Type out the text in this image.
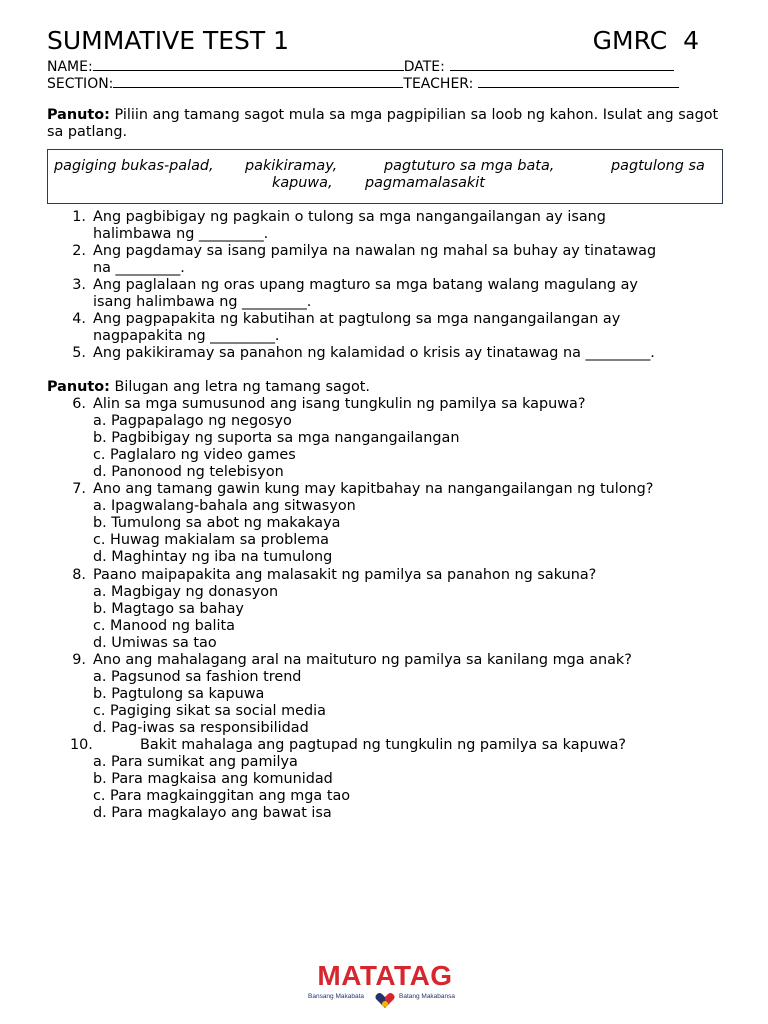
SUMMATIVE TEST 1	GMRC  4
NAME:	DATE:
SECTION:	TEACHER:
Panuto: Piliin ang tamang sagot mula sa mga pagpipilian sa loob ng kahon. Isulat ang sagot sa patlang.
pagiging bukas-palad, pakikiramay,	pagtuturo sa mga bata,	pagtulong sa
kapuwa, pagmamalasakit
1. Ang pagbibigay ng pagkain o tulong sa mga nangangailangan ay isang
halimbawa ng _________.
2. Ang pagdamay sa isang pamilya na nawalan ng mahal sa buhay ay tinatawag
na _________.
3. Ang paglalaan ng oras upang magturo sa mga batang walang magulang ay
isang halimbawa ng _________.
4. Ang pagpapakita ng kabutihan at pagtulong sa mga nangangailangan ay
nagpapakita ng _________.
5. Ang pakikiramay sa panahon ng kalamidad o krisis ay tinatawag na _________.
Panuto: Bilugan ang letra ng tamang sagot.
6. Alin sa mga sumusunod ang isang tungkulin ng pamilya sa kapuwa?
a. Pagpapalago ng negosyo
b. Pagbibigay ng suporta sa mga nangangailangan
c. Paglalaro ng video games
d. Panonood ng telebisyon
7. Ano ang tamang gawin kung may kapitbahay na nangangailangan ng tulong?
a. Ipagwalang-bahala ang sitwasyon
b. Tumulong sa abot ng makakaya
c. Huwag makialam sa problema
d. Maghintay ng iba na tumulong
8. Paano maipapakita ang malasakit ng pamilya sa panahon ng sakuna?
a. Magbigay ng donasyon
b. Magtago sa bahay
c. Manood ng balita
d. Umiwas sa tao
9. Ano ang mahalagang aral na maituturo ng pamilya sa kanilang mga anak?
a. Pagsunod sa fashion trend
b. Pagtulong sa kapuwa
c. Pagiging sikat sa social media
d. Pag-iwas sa responsibilidad
10.	Bakit mahalaga ang pagtupad ng tungkulin ng pamilya sa kapuwa?
a. Para sumikat ang pamilya
b. Para magkaisa ang komunidad
c. Para magkainggitan ang mga tao
d. Para magkalayo ang bawat isa
MATATAG
Bansang Makabata	Batang Makabansa
